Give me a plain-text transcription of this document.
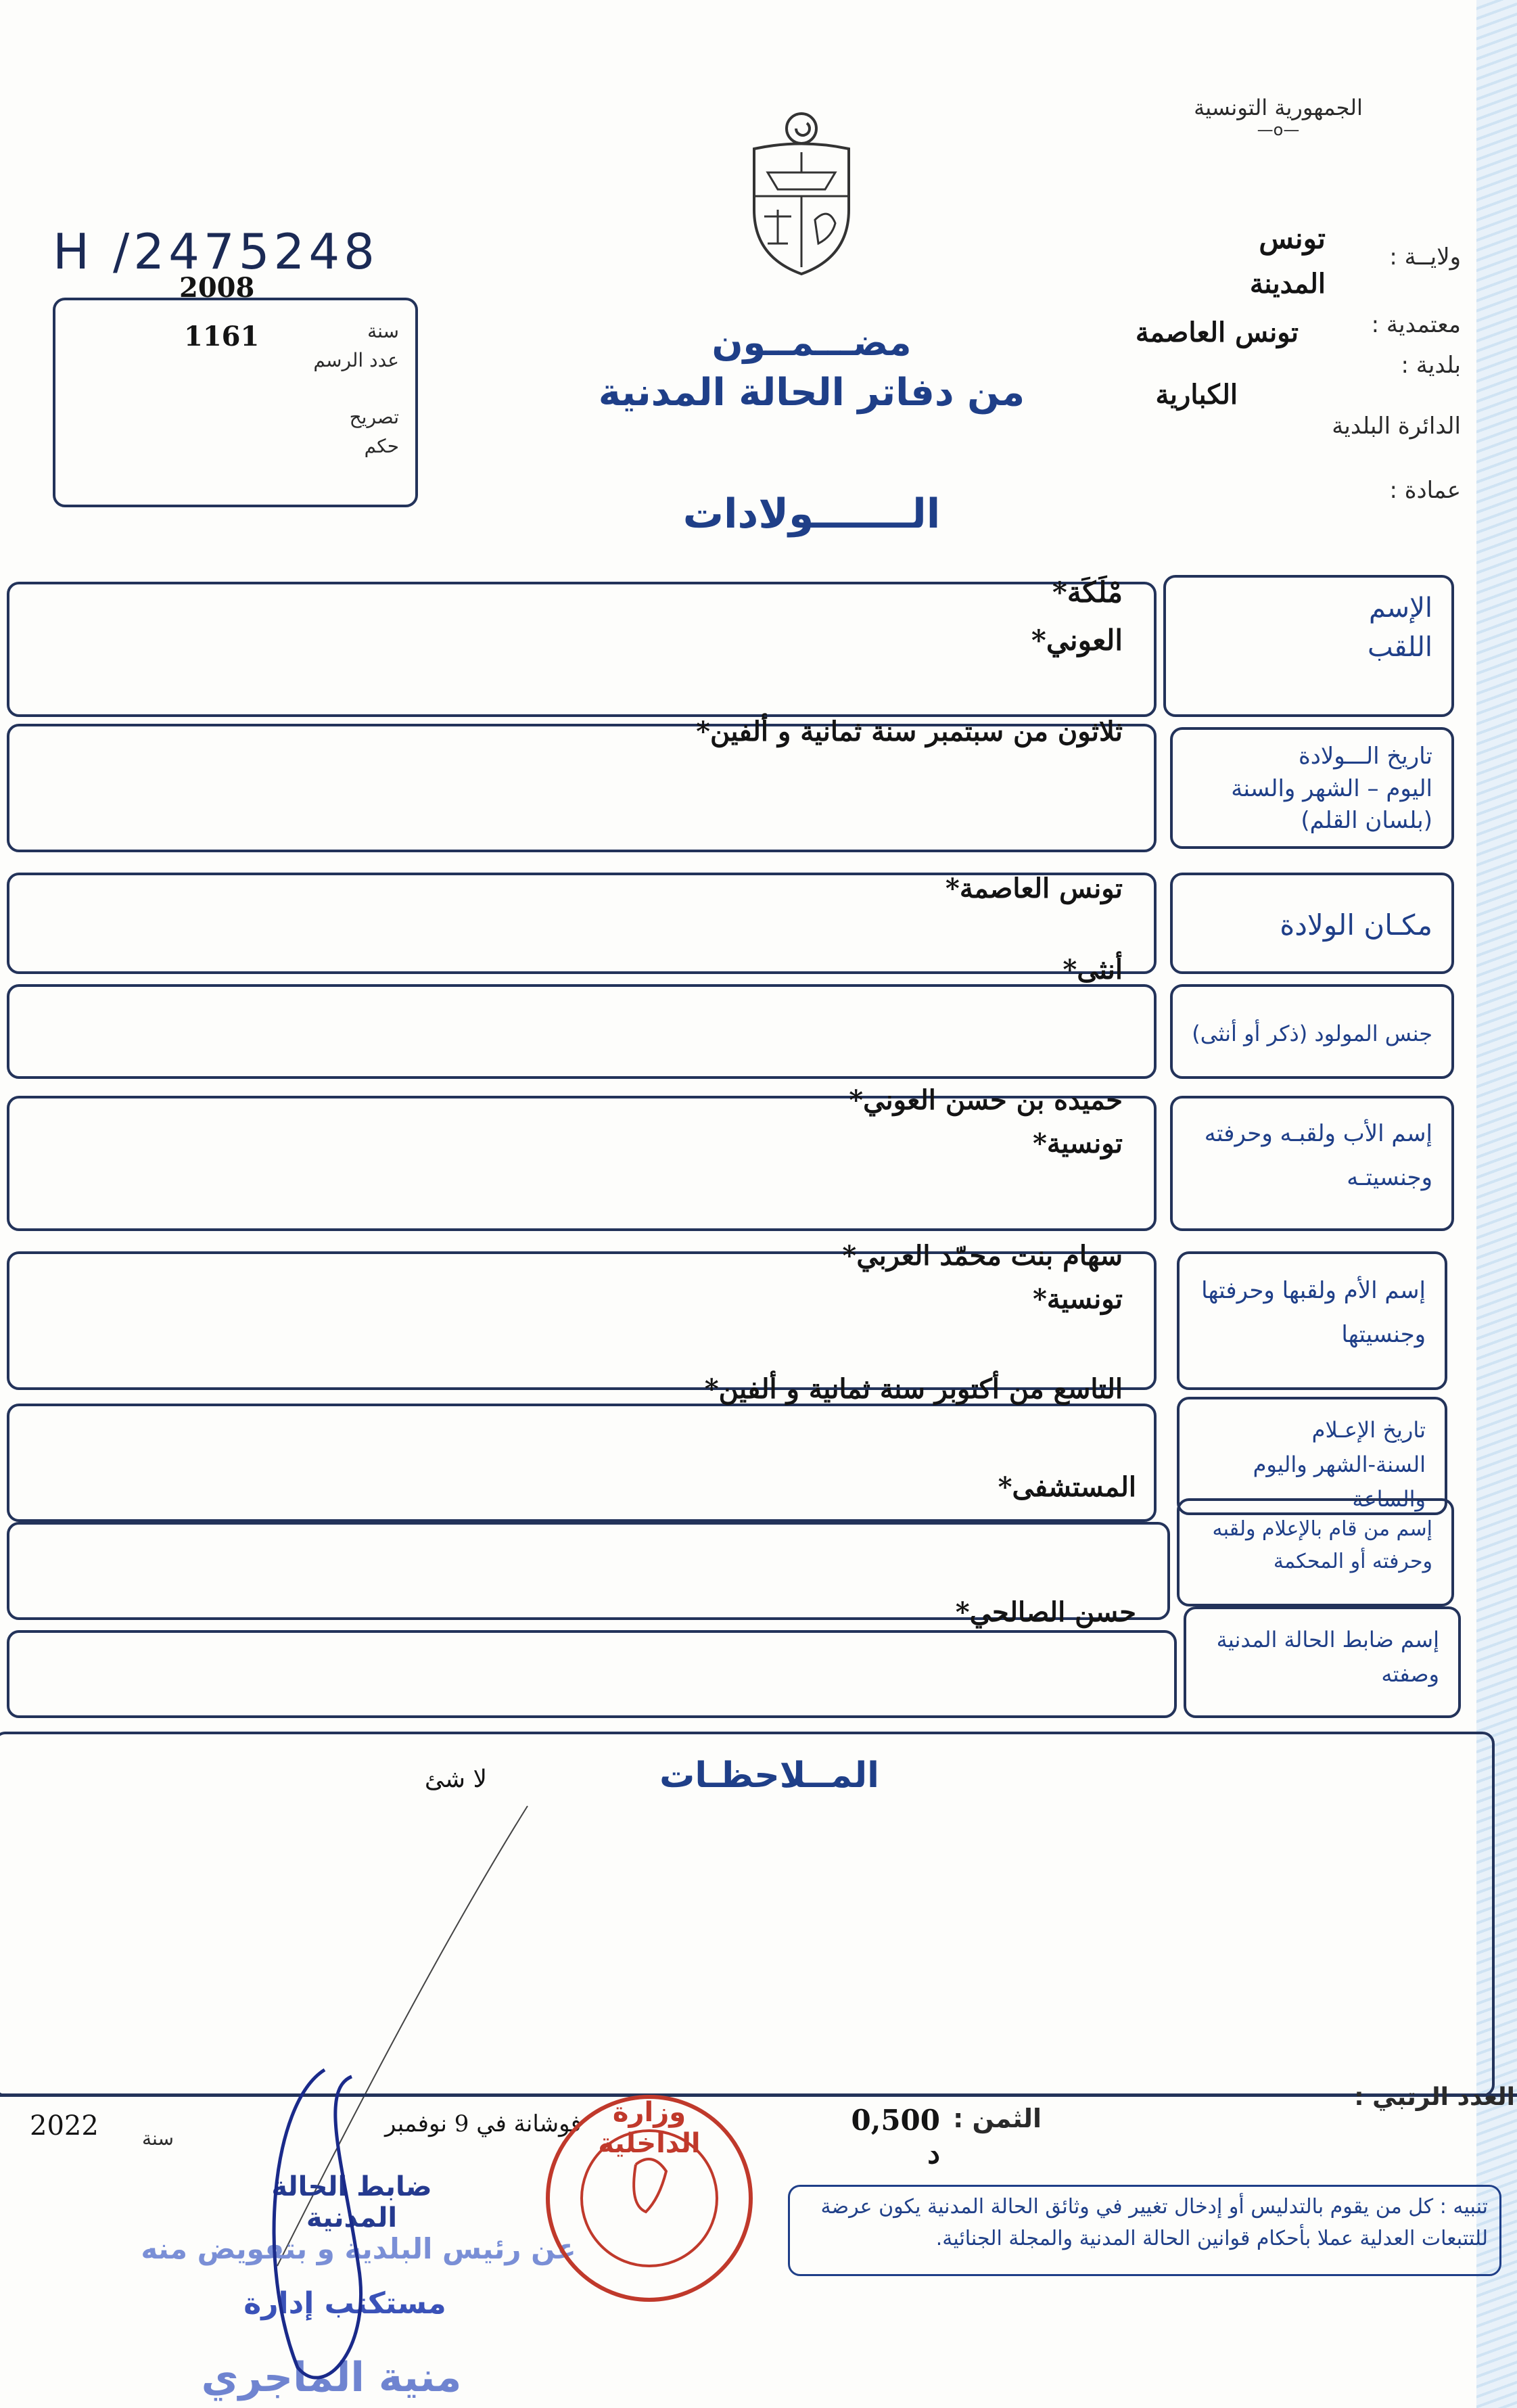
الجمهورية التونسية
—o—
H /2475248
2008
1161	سنة
عدد الرسم
تصريح
حكم
مضـــمــون
من دفاتر الحالة المدنية
الـــــــولادات
ولايــة :
تونس
معتمدية :
المدينة
بلدية :
تونس العاصمة
الدائرة البلدية
الكبارية
عمادة :
الإسم
اللقب
مْلَكَة*
العوني*
تاريخ الـــولادة
اليوم – الشهر والسنة
(بلسان القلم)
ثلاثون من سبتمبر سنة ثمانية و ألفين*
مكـان الولادة
تونس العاصمة*
جنس المولود (ذكر أو أنثى)
أنثى*
إسم الأب ولقبـه وحرفته
وجنسيتـه
حميده بن حسن العوني*
تونسية*
إسم الأم ولقبها وحرفتها
وجنسيتها
سهام بنت محمّد العربي*
تونسية*
تاريخ الإعـلام
السنة-الشهر واليوم والساعة
التاسع من أكتوبر سنة ثمانية و ألفين*
إسم من قام بالإعلام ولقبه
وحرفته أو المحكمة
المستشفى*
إسم ضابط الحالة المدنية
وصفته
حسن الصالحي*
المــلاحظـات
لا شئ
العدد الرتبي :
الثمن :
0,500 د
فوشانة في 9 نوفمبر
سنة
2022
تنبيه : كل من يقوم بالتدليس أو إدخال تغيير في وثائق الحالة المدنية يكون عرضة للتتبعات العدلية عملا بأحكام قوانين الحالة المدنية والمجلة الجنائية.
ضابط الحالة المدنية
عن رئيس البلدية و بتفويض منه
مستكتب إدارة
منية الماجري
وزارة الداخلية
